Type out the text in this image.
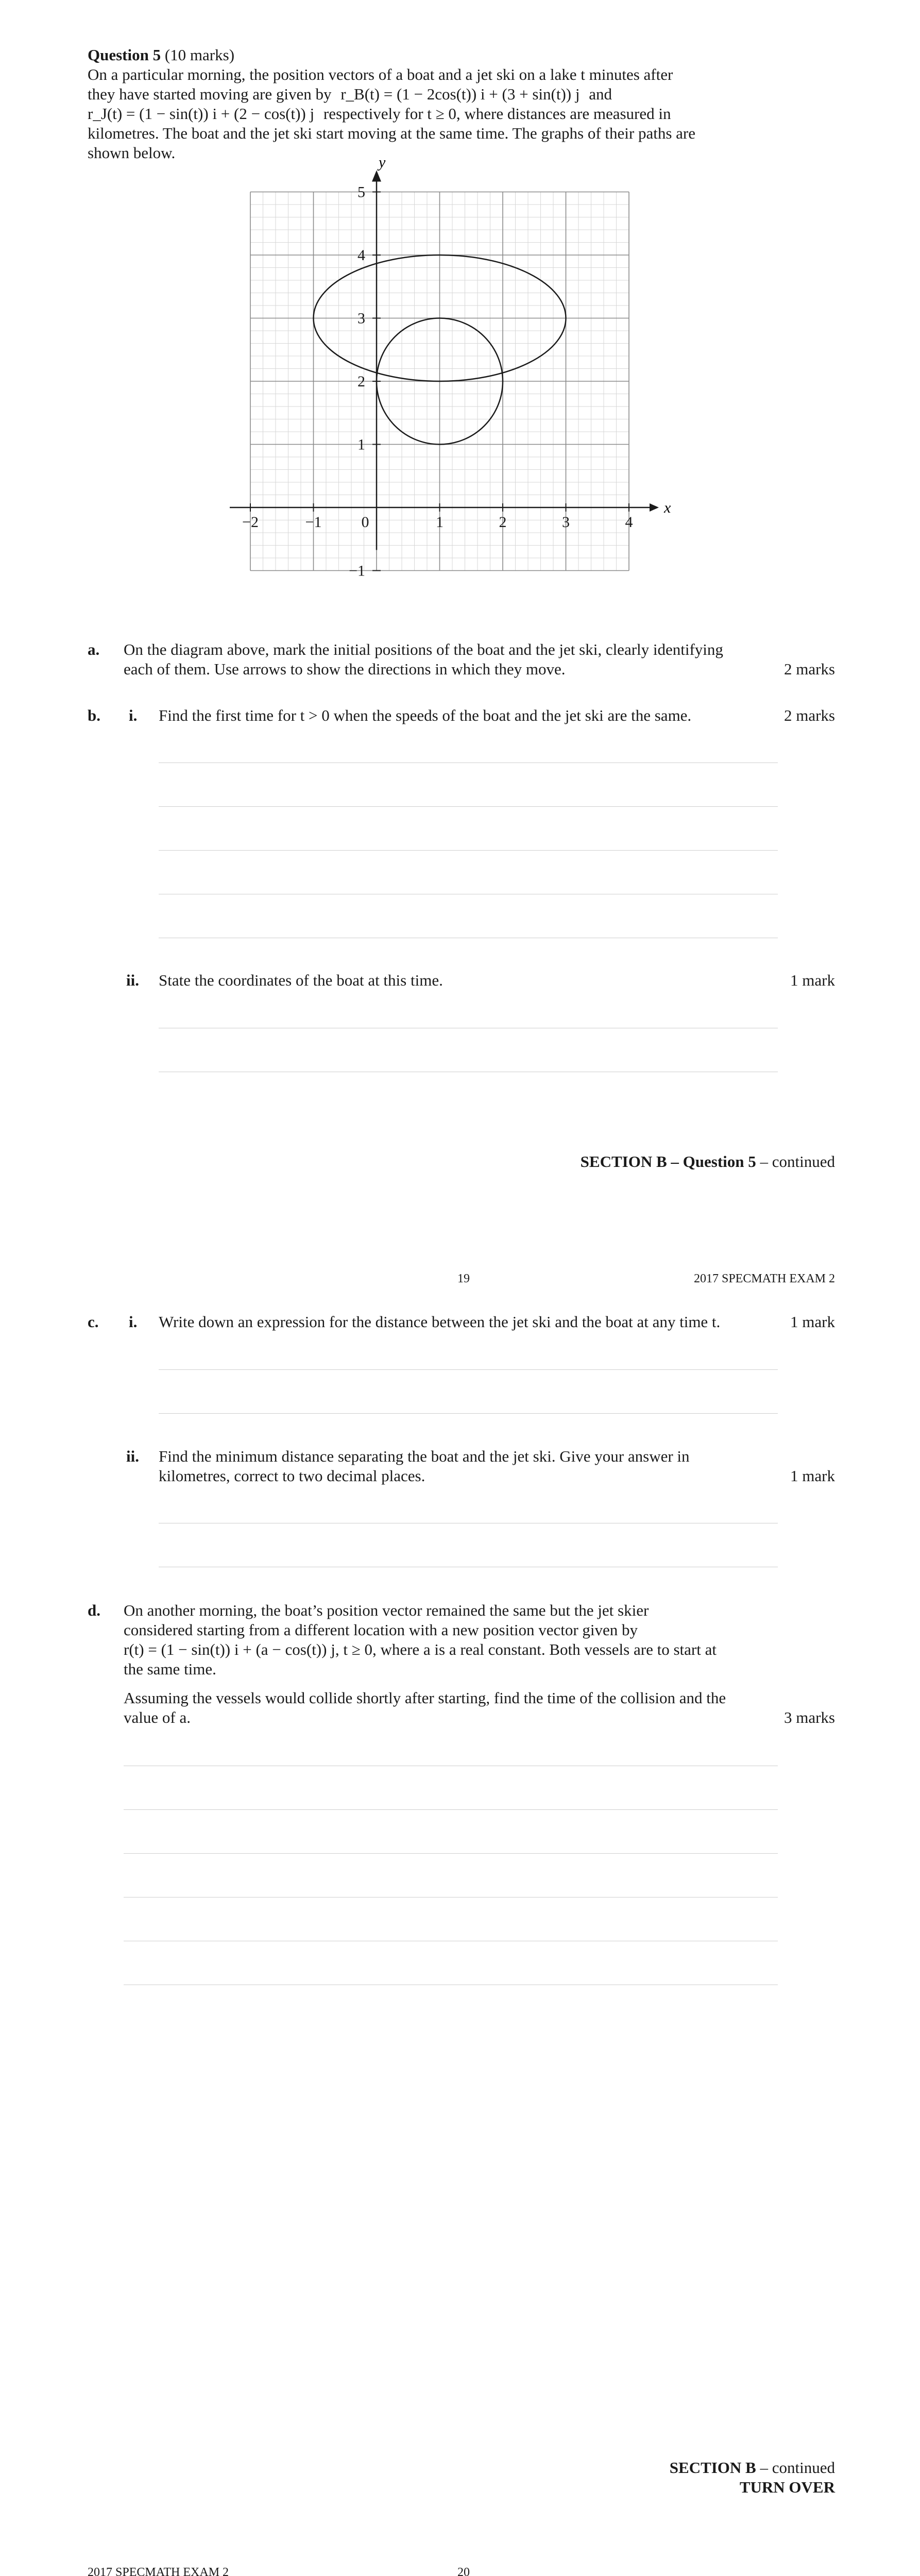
Question 5 (10 marks)
On a particular morning, the position vectors of a boat and a jet ski on a lake t minutes after
they have started moving are given by r_B(t) = (1 − 2cos(t)) i + (3 + sin(t)) j and
r_J(t) = (1 − sin(t)) i + (2 − cos(t)) j respectively for t ≥ 0, where distances are measured in
kilometres. The boat and the jet ski start moving at the same time. The graphs of their paths are
shown below.
−2	−1	0	1	2	3	4
5
4
3
2
1
−1
x
y
a. On the diagram above, mark the initial positions of the boat and the jet ski, clearly identifying
each of them. Use arrows to show the directions in which they move.	2 marks
b. i. Find the first time for t > 0 when the speeds of the boat and the jet ski are the same.	2 marks
ii. State the coordinates of the boat at this time.	1 mark
SECTION B – Question 5 – continued
19	2017 SPECMATH EXAM 2
c. i. Write down an expression for the distance between the jet ski and the boat at any time t.	1 mark
ii. Find the minimum distance separating the boat and the jet ski. Give your answer in
kilometres, correct to two decimal places.	1 mark
d. On another morning, the boat’s position vector remained the same but the jet skier
considered starting from a different location with a new position vector given by
r(t) = (1 − sin(t)) i + (a − cos(t)) j, t ≥ 0, where a is a real constant. Both vessels are to start at
the same time.
Assuming the vessels would collide shortly after starting, find the time of the collision and the
value of a.	3 marks
SECTION B – continued
TURN OVER
2017 SPECMATH EXAM 2	20
